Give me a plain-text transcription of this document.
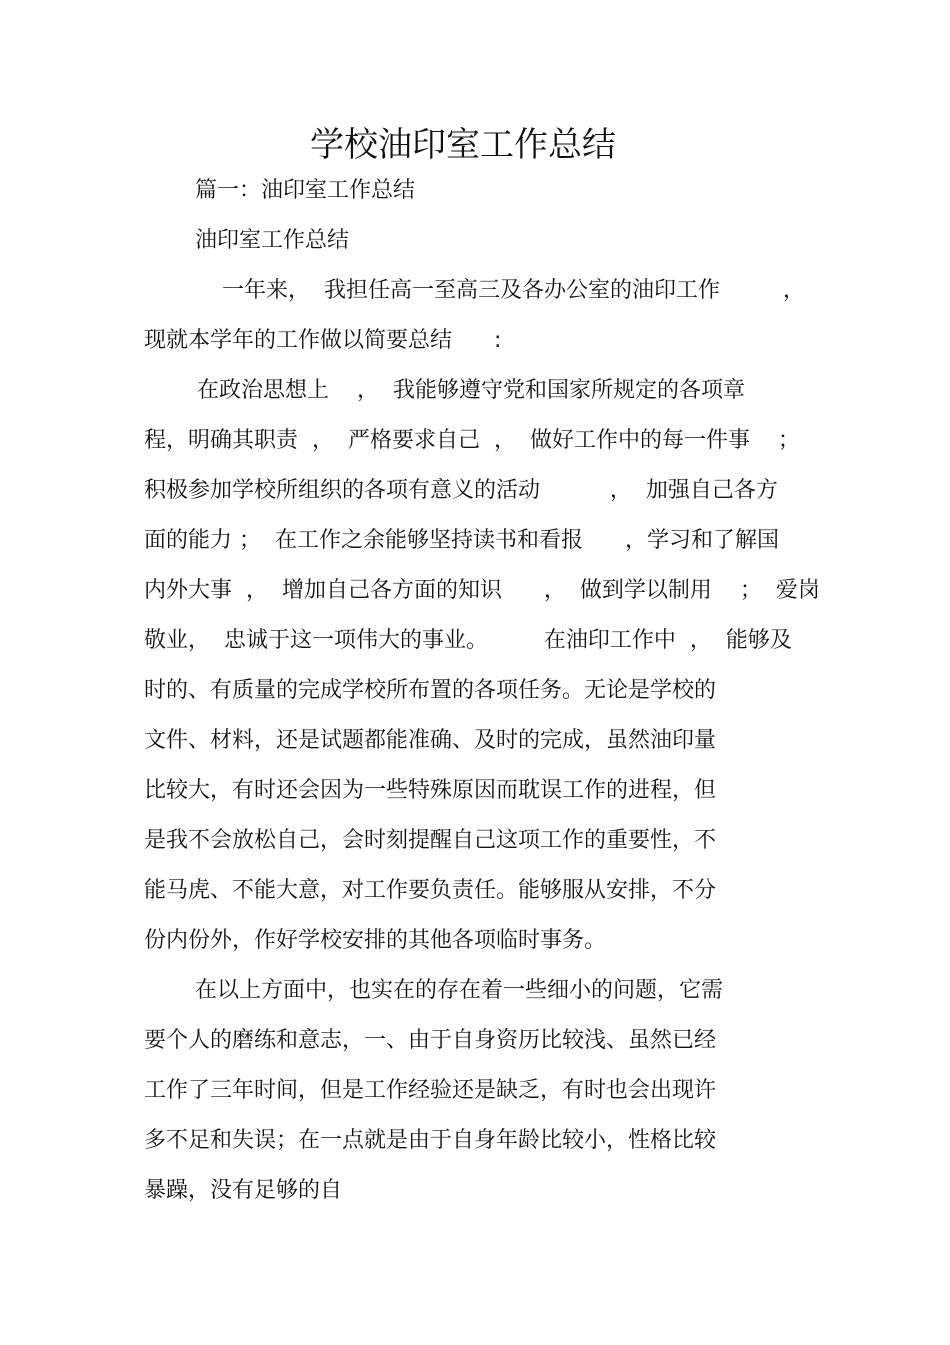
学校油印室工作总结

篇一：油印室工作总结

油印室工作总结

一年来，  我担任高一至高三及各办公室的油印工作         ，

现就本学年的工作做以简要总结      :

在政治思想上    ，  我能够遵守党和国家所规定的各项章

程，明确其职责  ，  严格要求自己  ，  做好工作中的每一件事    ；

积极参加学校所组织的各项有意义的活动          ，  加强自己各方

面的能力 ；  在工作之余能够坚持读书和看报      ，学习和了解国

内外大事  ，  增加自己各方面的知识      ，  做到学以制用    ；  爱岗

敬业，  忠诚于这一项伟大的事业。        在油印工作中  ，  能够及

时的、有质量的完成学校所布置的各项任务。无论是学校的

文件、材料，还是试题都能准确、及时的完成，虽然油印量

比较大，有时还会因为一些特殊原因而耽误工作的进程，但

是我不会放松自己，会时刻提醒自己这项工作的重要性，不

能马虎、不能大意，对工作要负责任。能够服从安排，不分

份内份外，作好学校安排的其他各项临时事务。

在以上方面中，也实在的存在着一些细小的问题，它需

要个人的磨练和意志，一、由于自身资历比较浅、虽然已经

工作了三年时间，但是工作经验还是缺乏，有时也会出现许

多不足和失误；在一点就是由于自身年龄比较小，性格比较

暴躁，没有足够的自
